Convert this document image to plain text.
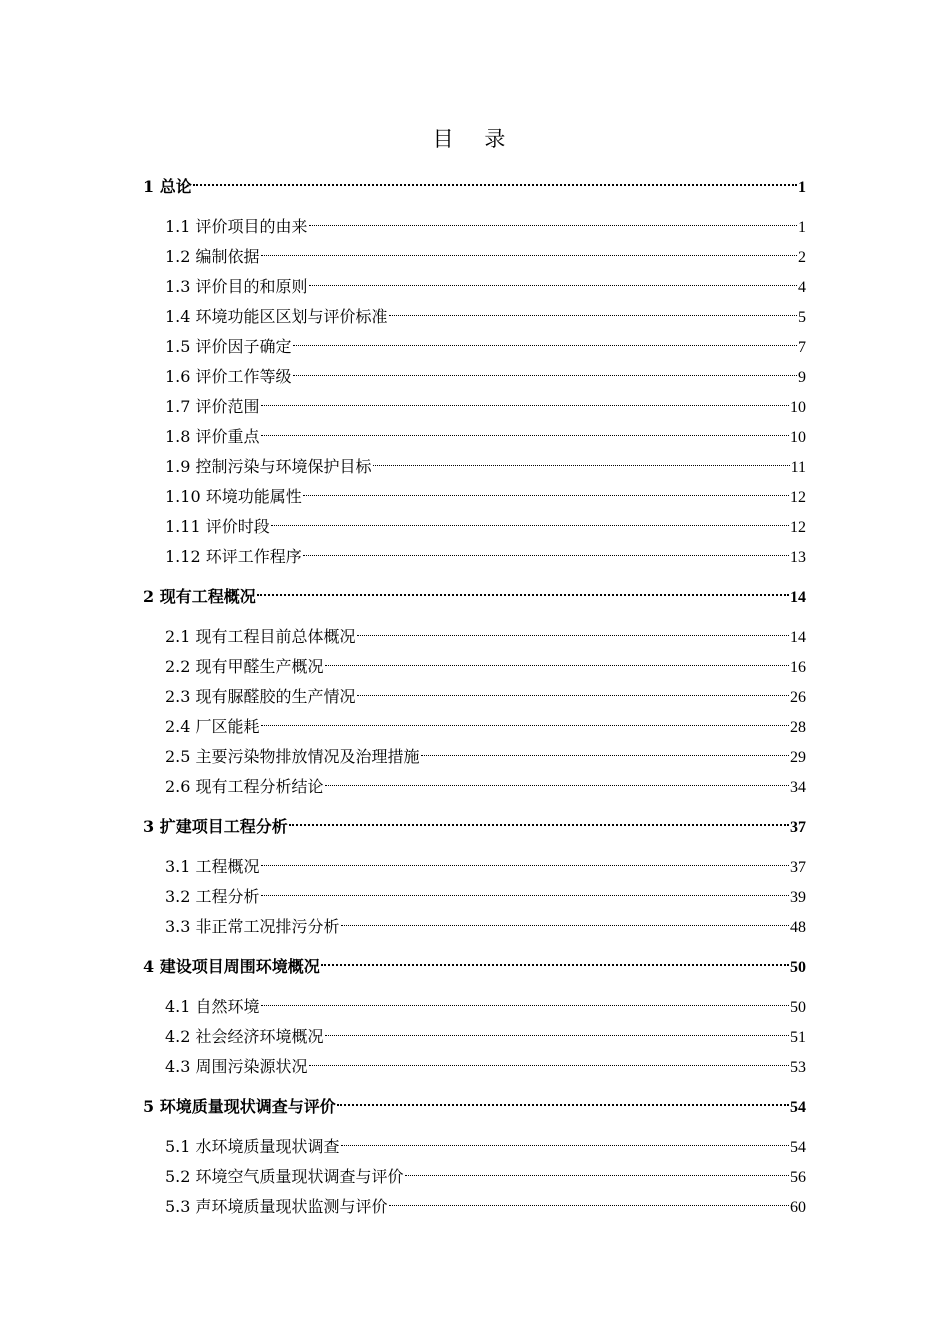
目 录
1 总论	1
1.1 评价项目的由来	1
1.2 编制依据	2
1.3 评价目的和原则	4
1.4 环境功能区区划与评价标准	5
1.5 评价因子确定	7
1.6 评价工作等级	9
1.7 评价范围	10
1.8 评价重点	10
1.9 控制污染与环境保护目标	11
1.10 环境功能属性	12
1.11 评价时段	12
1.12 环评工作程序	13
2 现有工程概况	14
2.1 现有工程目前总体概况	14
2.2 现有甲醛生产概况	16
2.3 现有脲醛胶的生产情况	26
2.4 厂区能耗	28
2.5 主要污染物排放情况及治理措施	29
2.6 现有工程分析结论	34
3 扩建项目工程分析	37
3.1 工程概况	37
3.2 工程分析	39
3.3 非正常工况排污分析	48
4 建设项目周围环境概况	50
4.1 自然环境	50
4.2 社会经济环境概况	51
4.3 周围污染源状况	53
5 环境质量现状调查与评价	54
5.1 水环境质量现状调查	54
5.2 环境空气质量现状调查与评价	56
5.3 声环境质量现状监测与评价	60
